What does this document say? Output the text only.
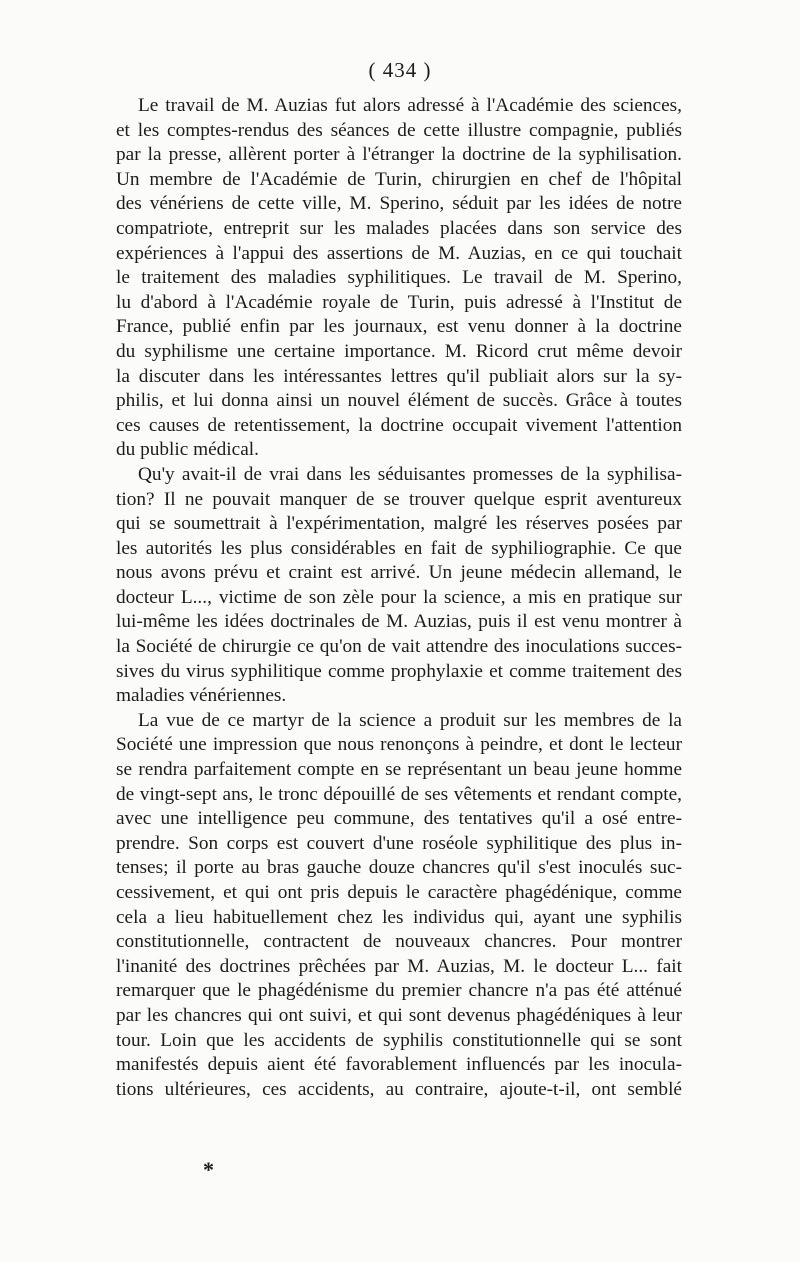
( 434 )
Le travail de M. Auzias fut alors adressé à l'Académie des sciences,
et les comptes-rendus des séances de cette illustre compagnie, publiés
par la presse, allèrent porter à l'étranger la doctrine de la syphilisation.
Un membre de l'Académie de Turin, chirurgien en chef de l'hôpital
des vénériens de cette ville, M. Sperino, séduit par les idées de notre
compatriote, entreprit sur les malades placées dans son service des
expériences à l'appui des assertions de M. Auzias, en ce qui touchait
le traitement des maladies syphilitiques. Le travail de M. Sperino,
lu d'abord à l'Académie royale de Turin, puis adressé à l'Institut de
France, publié enfin par les journaux, est venu donner à la doctrine
du syphilisme une certaine importance. M. Ricord crut même devoir
la discuter dans les intéressantes lettres qu'il publiait alors sur la sy-
philis, et lui donna ainsi un nouvel élément de succès. Grâce à toutes
ces causes de retentissement, la doctrine occupait vivement l'attention
du public médical.
Qu'y avait-il de vrai dans les séduisantes promesses de la syphilisa-
tion? Il ne pouvait manquer de se trouver quelque esprit aventureux
qui se soumettrait à l'expérimentation, malgré les réserves posées par
les autorités les plus considérables en fait de syphiliographie. Ce que
nous avons prévu et craint est arrivé. Un jeune médecin allemand, le
docteur L..., victime de son zèle pour la science, a mis en pratique sur
lui-même les idées doctrinales de M. Auzias, puis il est venu montrer à
la Société de chirurgie ce qu'on de vait attendre des inoculations succes-
sives du virus syphilitique comme prophylaxie et comme traitement des
maladies vénériennes.
La vue de ce martyr de la science a produit sur les membres de la
Société une impression que nous renonçons à peindre, et dont le lecteur
se rendra parfaitement compte en se représentant un beau jeune homme
de vingt-sept ans, le tronc dépouillé de ses vêtements et rendant compte,
avec une intelligence peu commune, des tentatives qu'il a osé entre-
prendre. Son corps est couvert d'une roséole syphilitique des plus in-
tenses; il porte au bras gauche douze chancres qu'il s'est inoculés suc-
cessivement, et qui ont pris depuis le caractère phagédénique, comme
cela a lieu habituellement chez les individus qui, ayant une syphilis
constitutionnelle, contractent de nouveaux chancres. Pour montrer
l'inanité des doctrines prêchées par M. Auzias, M. le docteur L... fait
remarquer que le phagédénisme du premier chancre n'a pas été atténué
par les chancres qui ont suivi, et qui sont devenus phagédéniques à leur
tour. Loin que les accidents de syphilis constitutionnelle qui se sont
manifestés depuis aient été favorablement influencés par les inocula-
tions ultérieures, ces accidents, au contraire, ajoute-t-il, ont semblé
*
